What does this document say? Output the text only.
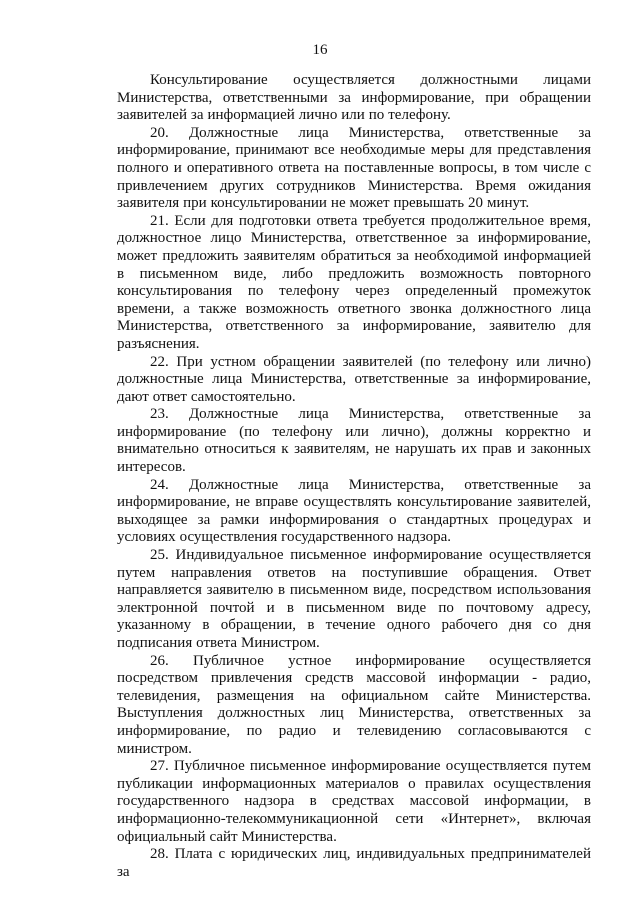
16

Консультирование осуществляется должностными лицами Министерства, ответственными за информирование, при обращении заявителей за информацией лично или по телефону.

20. Должностные лица Министерства, ответственные за информирование, принимают все необходимые меры для представления полного и оперативного ответа на поставленные вопросы, в том числе с привлечением других сотрудников Министерства. Время ожидания заявителя при консультировании не может превышать 20 минут.

21. Если для подготовки ответа требуется продолжительное время, должностное лицо Министерства, ответственное за информирование, может предложить заявителям обратиться за необходимой информацией в письменном виде, либо предложить возможность повторного консультирования по телефону через определенный промежуток времени, а также возможность ответного звонка должностного лица Министерства, ответственного за информирование, заявителю для разъяснения.

22. При устном обращении заявителей (по телефону или лично) должностные лица Министерства, ответственные за информирование, дают ответ самостоятельно.

23. Должностные лица Министерства, ответственные за информирование (по телефону или лично), должны корректно и внимательно относиться к заявителям, не нарушать их прав и законных интересов.

24. Должностные лица Министерства, ответственные за информирование, не вправе осуществлять консультирование заявителей, выходящее за рамки информирования о стандартных процедурах и условиях осуществления государственного надзора.

25. Индивидуальное письменное информирование осуществляется путем направления ответов на поступившие обращения. Ответ направляется заявителю в письменном виде, посредством использования электронной почтой и в письменном виде по почтовому адресу, указанному в обращении, в течение одного рабочего дня со дня подписания ответа Министром.

26. Публичное устное информирование осуществляется посредством привлечения средств массовой информации - радио, телевидения, размещения на официальном сайте Министерства. Выступления должностных лиц Министерства, ответственных за информирование, по радио и телевидению согласовываются с министром.

27. Публичное письменное информирование осуществляется путем публикации информационных материалов о правилах осуществления государственного надзора в средствах массовой информации, в информационно-телекоммуникационной сети «Интернет», включая официальный сайт Министерства.

28. Плата с юридических лиц, индивидуальных предпринимателей за
